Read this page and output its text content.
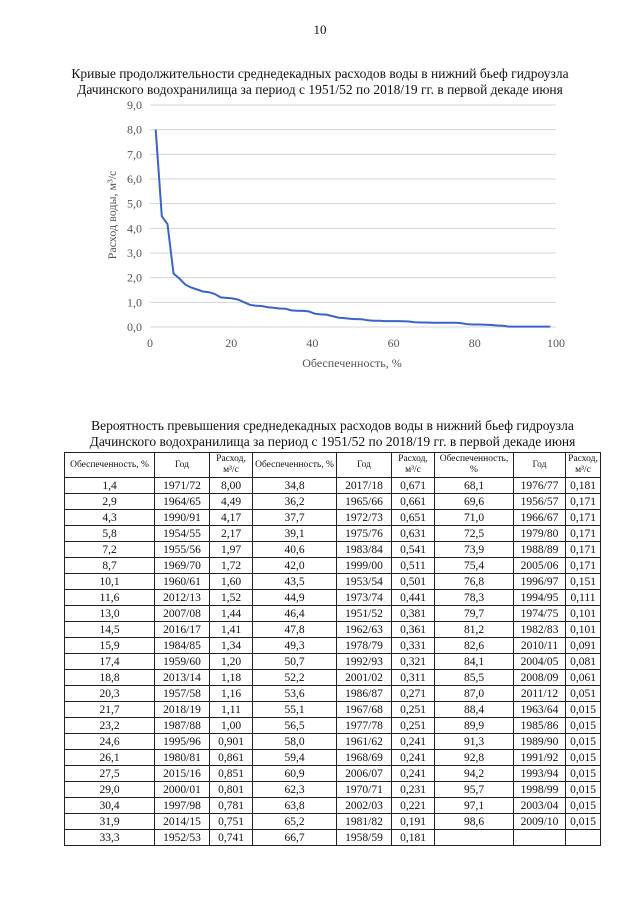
10
Кривые продолжительности среднедекадных расходов воды в нижний бьеф гидроузла
Дачинского водохранилища за период с 1951/52 по 2018/19 гг. в первой декаде июня
0,0
1,0
2,0
3,0
4,0
5,0
6,0
7,0
8,0
9,0
0	20	40	60	80	100
Расход воды, м³/с
Обеспеченность, %
Вероятность превышения среднедекадных расходов воды в нижний бьеф гидроузла
Дачинского водохранилища за период с 1951/52 по 2018/19 гг. в первой декаде июня
Обеспеченность, %	Год	Расход, м³/с	Обеспеченность, %	Год	Расход, м³/с	Обеспеченность, %	Год	Расход, м³/с
1,4	1971/72	8,00	34,8	2017/18	0,671	68,1	1976/77	0,181
2,9	1964/65	4,49	36,2	1965/66	0,661	69,6	1956/57	0,171
4,3	1990/91	4,17	37,7	1972/73	0,651	71,0	1966/67	0,171
5,8	1954/55	2,17	39,1	1975/76	0,631	72,5	1979/80	0,171
7,2	1955/56	1,97	40,6	1983/84	0,541	73,9	1988/89	0,171
8,7	1969/70	1,72	42,0	1999/00	0,511	75,4	2005/06	0,171
10,1	1960/61	1,60	43,5	1953/54	0,501	76,8	1996/97	0,151
11,6	2012/13	1,52	44,9	1973/74	0,441	78,3	1994/95	0,111
13,0	2007/08	1,44	46,4	1951/52	0,381	79,7	1974/75	0,101
14,5	2016/17	1,41	47,8	1962/63	0,361	81,2	1982/83	0,101
15,9	1984/85	1,34	49,3	1978/79	0,331	82,6	2010/11	0,091
17,4	1959/60	1,20	50,7	1992/93	0,321	84,1	2004/05	0,081
18,8	2013/14	1,18	52,2	2001/02	0,311	85,5	2008/09	0,061
20,3	1957/58	1,16	53,6	1986/87	0,271	87,0	2011/12	0,051
21,7	2018/19	1,11	55,1	1967/68	0,251	88,4	1963/64	0,015
23,2	1987/88	1,00	56,5	1977/78	0,251	89,9	1985/86	0,015
24,6	1995/96	0,901	58,0	1961/62	0,241	91,3	1989/90	0,015
26,1	1980/81	0,861	59,4	1968/69	0,241	92,8	1991/92	0,015
27,5	2015/16	0,851	60,9	2006/07	0,241	94,2	1993/94	0,015
29,0	2000/01	0,801	62,3	1970/71	0,231	95,7	1998/99	0,015
30,4	1997/98	0,781	63,8	2002/03	0,221	97,1	2003/04	0,015
31,9	2014/15	0,751	65,2	1981/82	0,191	98,6	2009/10	0,015
33,3	1952/53	0,741	66,7	1958/59	0,181			
